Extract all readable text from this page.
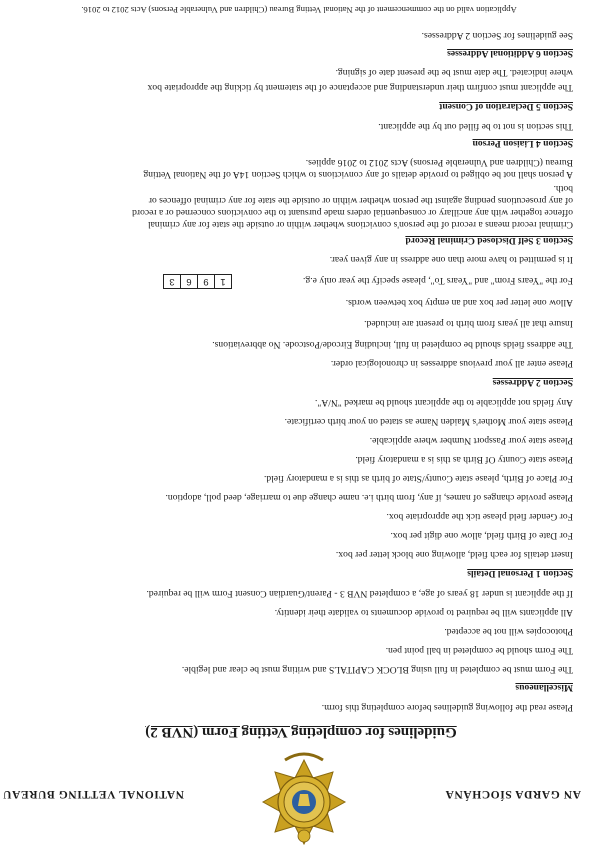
AN GARDA SÍOCHÁNA
NATIONAL VETTING BUREAU
Guidelines for completing Vetting Form (NVB 2)
Please read the following guidelines before completing this form.
Miscellaneous
The Form must be completed in full using BLOCK CAPITALS and writing must be clear and legible.
The Form should be completed in ball point pen.
Photocopies will not be accepted.
All applicants will be required to provide documents to validate their identity.
If the applicant is under 18 years of age, a completed NVB 3 - Parent/Guardian Consent Form will be required.
Section 1 Personal Details
Insert details for each field, allowing one block letter per box.
For Date of Birth field, allow one digit per box.
For Gender field please tick the appropriate box.
Please provide changes of names, if any, from birth i.e. name change due to marriage, deed poll, adoption.
For Place of Birth, please state County/State of birth as this is a mandatory field.
Please state County Of Birth as this is a mandatory field.
Please state your Passport Number where applicable.
Please state your Mother's Maiden Name as stated on your birth certificate.
Any fields not applicable to the applicant should be marked "N/A".
Section 2 Addresses
Please enter all your previous addresses in chronological order.
The address fields should be completed in full, including Eircode/Postcode. No abbreviations.
Insure that all years from birth to present are included.
Allow one letter per box and an empty box between words.
For the "Years From" and "Years To", please specify the year only e.g.
1
9
6
3
It is permitted to have more than one address in any given year.
Section 3 Self Disclosed Criminal Record
Criminal record means a record of the person's convictions whether within or outside the state for any criminal
offence together with any ancillary or consequential orders made pursuant to the convictions concerned or a record
of any prosecutions pending against the person whether within or outside the state for any criminal offences or
both.
A person shall not be obliged to provide details of any convictions to which Section 14A of the National Vetting
Bureau (Children and Vulnerable Persons) Acts 2012 to 2016 applies.
Section 4 Liaison Person
This section is not to be filled out by the applicant.
Section 5 Declaration of Consent
The applicant must confirm their understanding and acceptance of the statement by ticking the appropriate box
where indicated. The date must be the present date of signing.
Section 6 Additional Addresses
See guidelines for Section 2 Addresses.
Application valid on the commencement of the National Vetting Bureau (Children and Vulnerable Persons) Acts 2012 to 2016.
